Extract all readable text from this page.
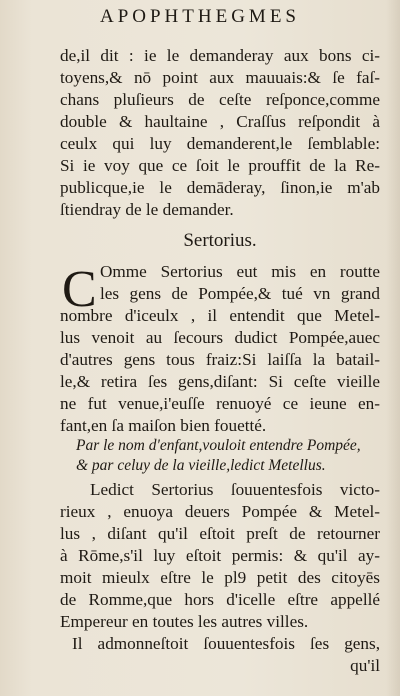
APOPHTHEGMES
de,il dit : ie le demanderay aux bons ci-
toyens,& nō point aux mauuais:& ſe faſ-
chans pluſieurs de ceſte reſponce,comme
double & haultaine , Craſſus reſpondit à
ceulx qui luy demanderent,le ſemblable:
Si ie voy que ce ſoit le prouffit de la Re-
publicque,ie le demāderay, ſinon,ie m'ab
ſtiendray de le demander.
Sertorius.
C Omme Sertorius eut mis en routte
les gens de Pompée,& tué vn grand
nombre d'iceulx , il entendit que Metel-
lus venoit au ſecours dudict Pompée,auec
d'autres gens tous fraiz:Si laiſſa la batail-
le,& retira ſes gens,diſant: Si ceſte vieille
ne fut venue,i'euſſe renuoyé ce ieune en-
fant,en ſa maiſon bien fouetté.
Par le nom d'enfant,vouloit entendre Pompée,
& par celuy de la vieille,ledict Metellus.
Ledict Sertorius ſouuentesfois victo-
rieux , enuoya deuers Pompée & Metel-
lus , diſant qu'il eſtoit preſt de retourner
à Rōme,s'il luy eſtoit permis: & qu'il ay-
moit mieulx eſtre le pl9 petit des citoyēs
de Romme,que hors d'icelle eſtre appellé
Empereur en toutes les autres villes.
Il admonneſtoit ſouuentesfois ſes gens,
qu'il
